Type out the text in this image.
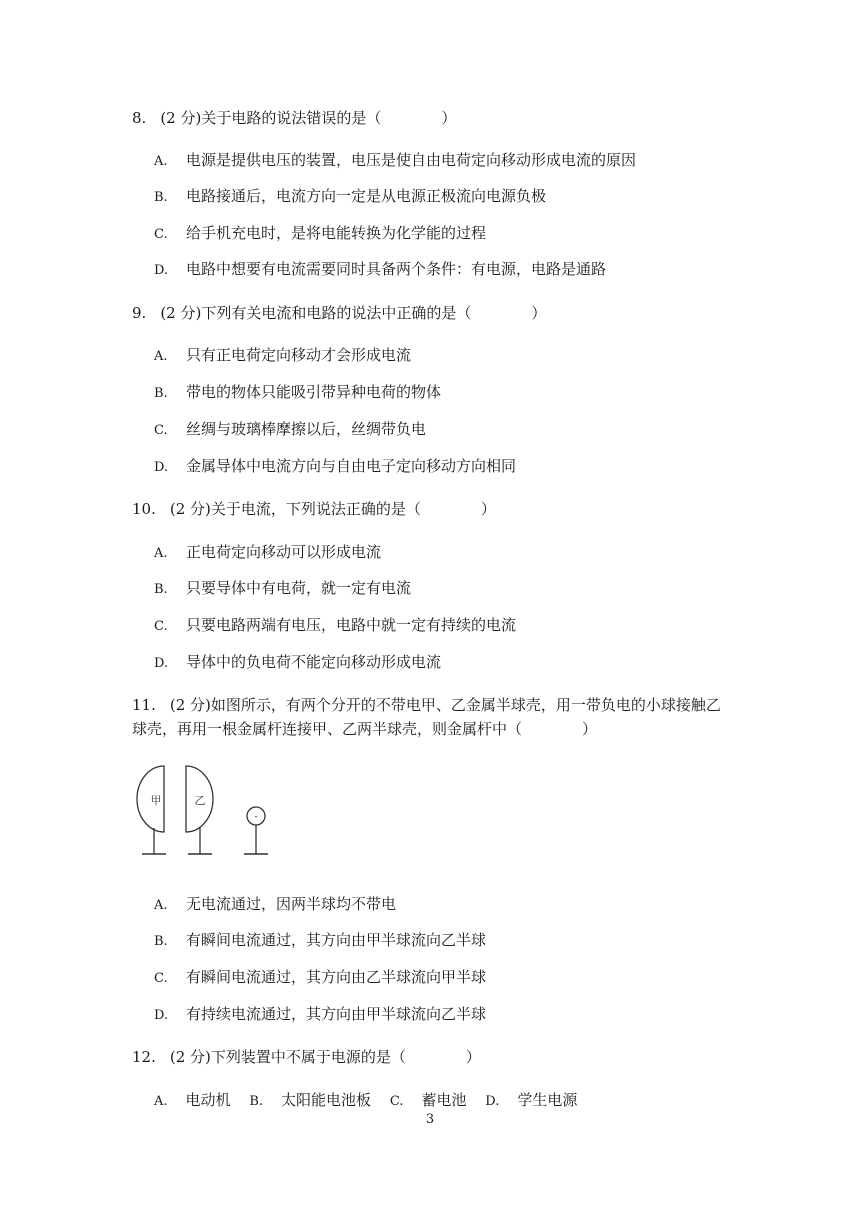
8. (2 分)关于电路的说法错误的是（　　　　）
A. 电源是提供电压的装置，电压是使自由电荷定向移动形成电流的原因
B. 电路接通后，电流方向一定是从电源正极流向电源负极
C. 给手机充电时，是将电能转换为化学能的过程
D. 电路中想要有电流需要同时具备两个条件：有电源，电路是通路
9. (2 分)下列有关电流和电路的说法中正确的是（　　　　）
A. 只有正电荷定向移动才会形成电流
B. 带电的物体只能吸引带异种电荷的物体
C. 丝绸与玻璃棒摩擦以后，丝绸带负电
D. 金属导体中电流方向与自由电子定向移动方向相同
10. (2 分)关于电流，下列说法正确的是（　　　　）
A. 正电荷定向移动可以形成电流
B. 只要导体中有电荷，就一定有电流
C. 只要电路两端有电压，电路中就一定有持续的电流
D. 导体中的负电荷不能定向移动形成电流
11. (2 分)如图所示，有两个分开的不带电甲、乙金属半球壳，用一带负电的小球接触乙
球壳，再用一根金属杆连接甲、乙两半球壳，则金属杆中（　　　　）
甲	乙
-
A. 无电流通过，因两半球均不带电
B. 有瞬间电流通过，其方向由甲半球流向乙半球
C. 有瞬间电流通过，其方向由乙半球流向甲半球
D. 有持续电流通过，其方向由甲半球流向乙半球
12. (2 分)下列装置中不属于电源的是（　　　　）
A. 电动机 B. 太阳能电池板 C. 蓄电池 D. 学生电源
3
